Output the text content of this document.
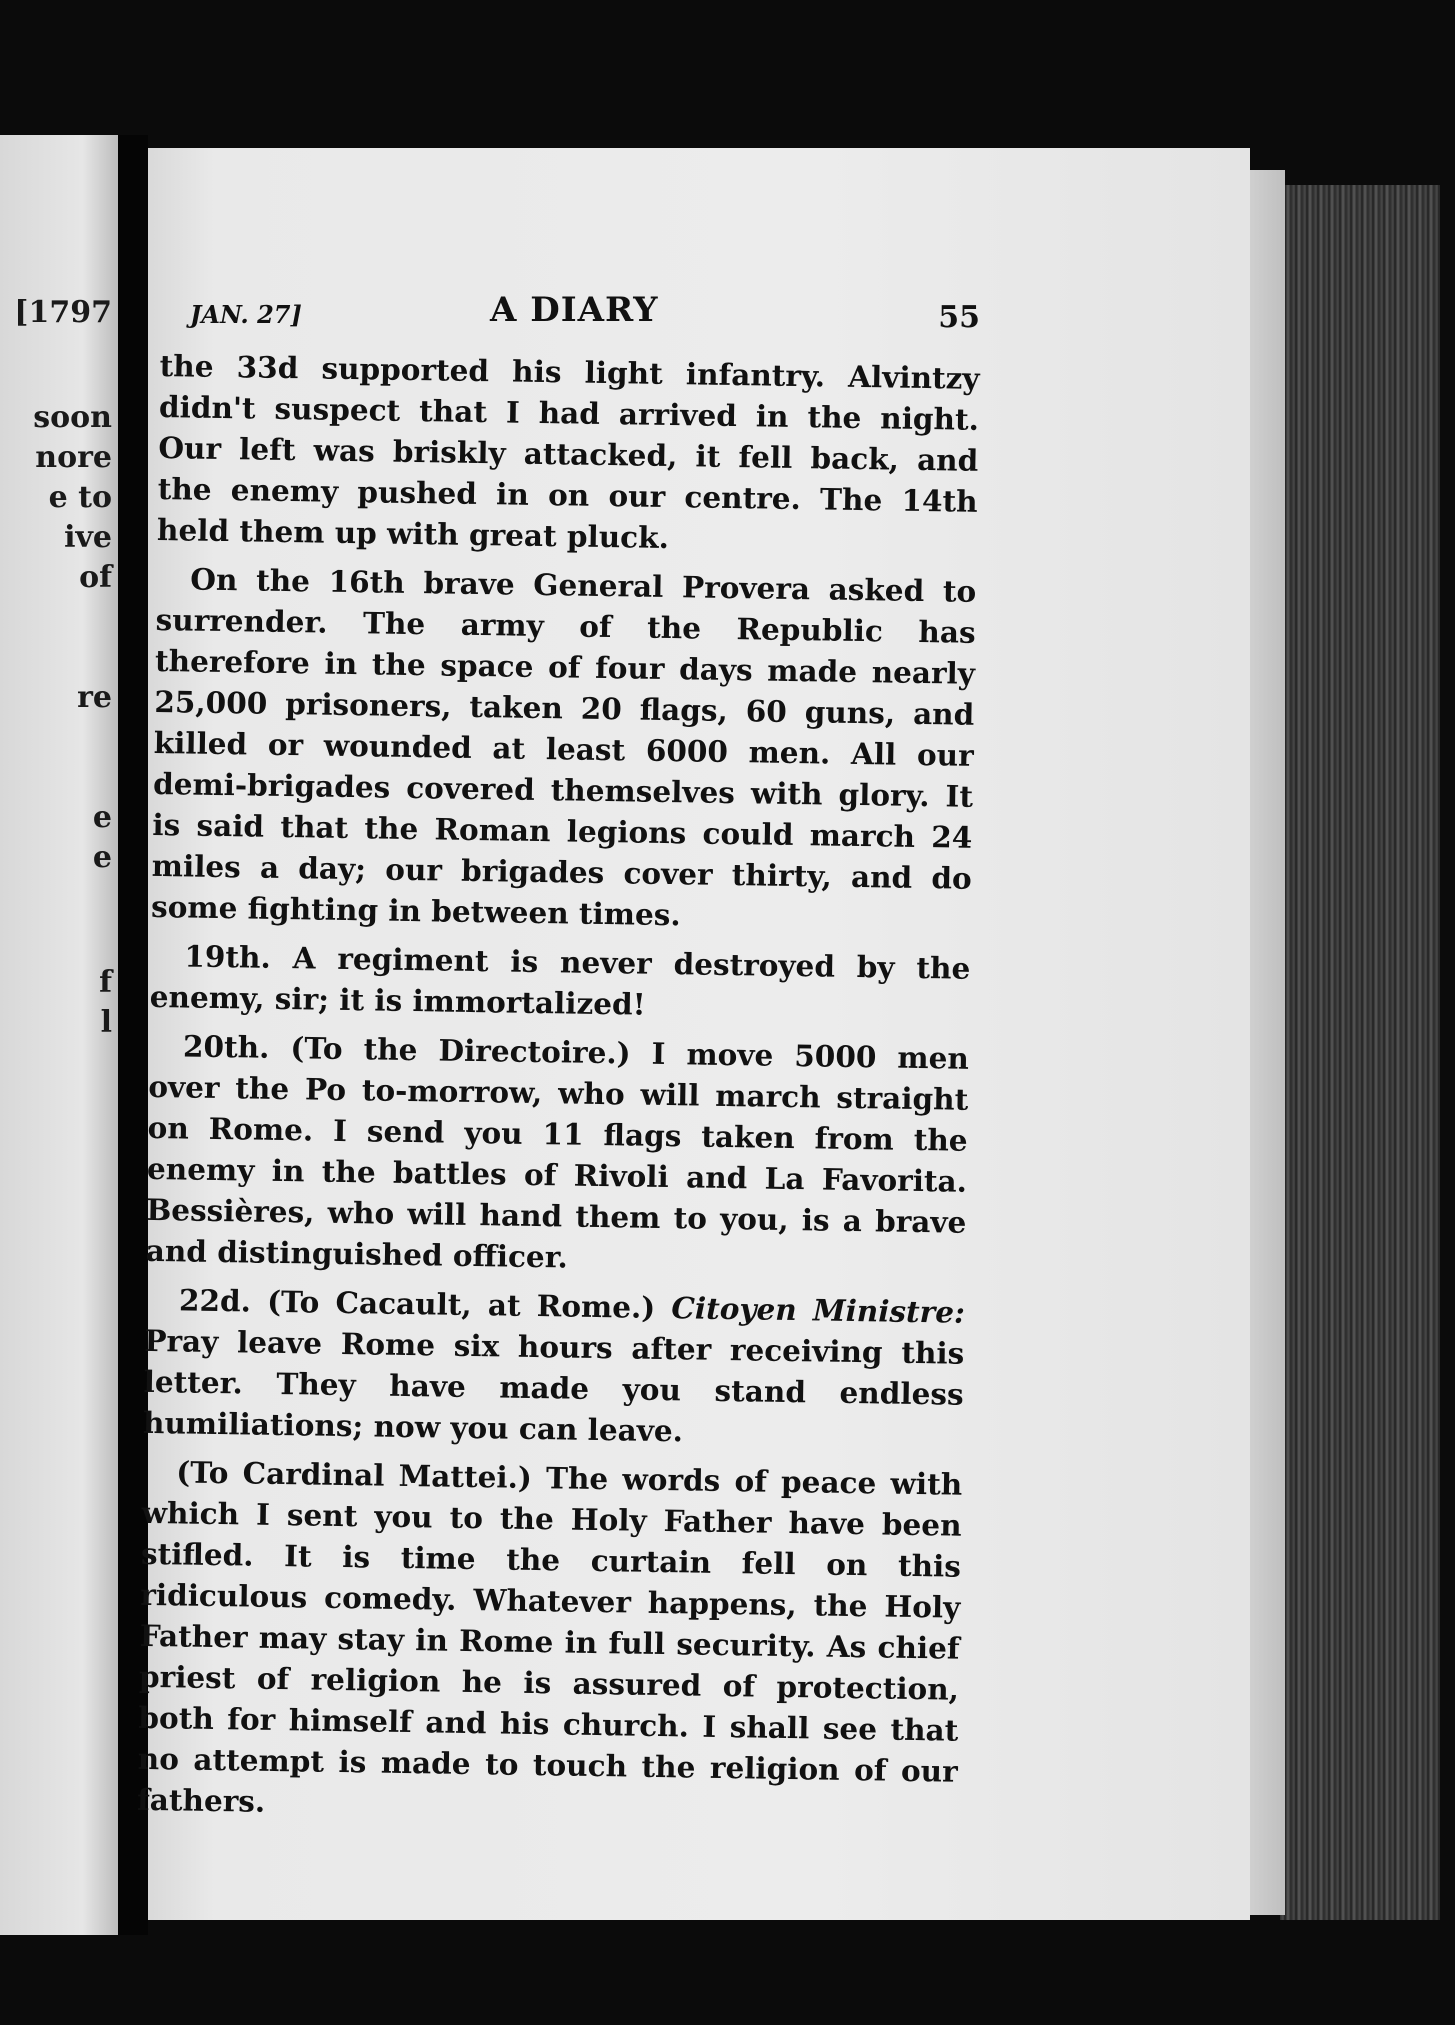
[1797
soon
nore
e to
ive
of
re
e
e
f
l
JAN. 27]	A DIARY	55

the 33d supported his light infantry. Alvintzy didn't suspect that I had arrived in the night. Our left was briskly attacked, it fell back, and the enemy pushed in on our centre. The 14th held them up with great pluck.

On the 16th brave General Provera asked to surrender. The army of the Republic has therefore in the space of four days made nearly 25,000 prisoners, taken 20 flags, 60 guns, and killed or wounded at least 6000 men. All our demi-brigades covered themselves with glory. It is said that the Roman legions could march 24 miles a day; our brigades cover thirty, and do some fighting in between times.

19th. A regiment is never destroyed by the enemy, sir; it is immortalized!

20th. (To the Directoire.) I move 5000 men over the Po to-morrow, who will march straight on Rome. I send you 11 flags taken from the enemy in the battles of Rivoli and La Favorita. Bessières, who will hand them to you, is a brave and distinguished officer.

22d. (To Cacault, at Rome.) Citoyen Ministre: Pray leave Rome six hours after receiving this letter. They have made you stand endless humiliations; now you can leave.

(To Cardinal Mattei.) The words of peace with which I sent you to the Holy Father have been stifled. It is time the curtain fell on this ridiculous comedy. Whatever happens, the Holy Father may stay in Rome in full security. As chief priest of religion he is assured of protection, both for himself and his church. I shall see that no attempt is made to touch the religion of our fathers.
